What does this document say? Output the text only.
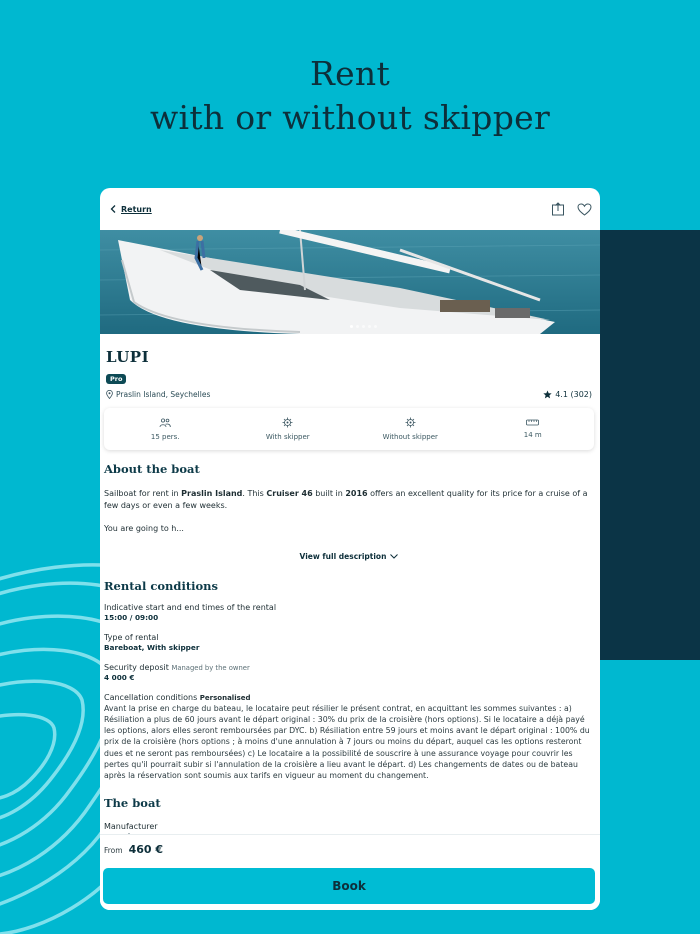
Rent
with or without skipper
Return
LUPI
Pro
Praslin Island, Seychelles	4.1 (302)
15 pers.	With skipper	Without skipper	14 m
About the boat
Sailboat for rent in Praslin Island. This Cruiser 46 built in 2016 offers an excellent quality for its price for a cruise of a few days or even a few weeks.
You are going to h...
View full description
Rental conditions
Indicative start and end times of the rental
15:00 / 09:00
Type of rental
Bareboat, With skipper
Security deposit Managed by the owner
4 000 €
Cancellation conditions Personalised
Avant la prise en charge du bateau, le locataire peut résilier le présent contrat, en acquittant les sommes suivantes : a) Résiliation a plus de 60 jours avant le départ original : 30% du prix de la croisière (hors options). Si le locataire a déjà payé les options, alors elles seront remboursées par DYC. b) Résiliation entre 59 jours et moins avant le départ original : 100% du prix de la croisière (hors options ; à moins d'une annulation à 7 jours ou moins du départ, auquel cas les options resteront dues et ne seront pas remboursées) c) Le locataire a la possibilité de souscrire à une assurance voyage pour couvrir les pertes qu'il pourrait subir si l'annulation de la croisière a lieu avant le départ. d) Les changements de dates ou de bateau après la réservation sont soumis aux tarifs en vigueur au moment du changement.
The boat
Manufacturer
From 460 €
Book
